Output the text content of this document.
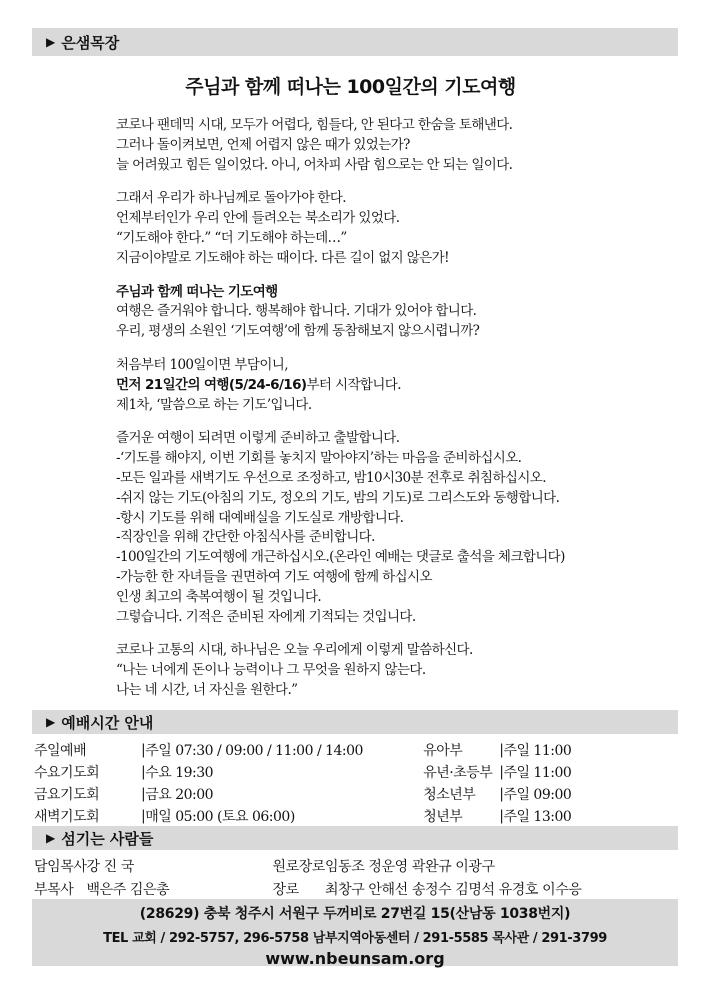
▶ 은샘목장
주님과 함께 떠나는 100일간의 기도여행

코로나 팬데믹 시대, 모두가 어렵다, 힘들다, 안 된다고 한숨을 토해낸다.
그러나 돌이켜보면, 언제 어렵지 않은 때가 있었는가?
늘 어려웠고 힘든 일이었다. 아니, 어차피 사람 힘으로는 안 되는 일이다.

그래서 우리가 하나님께로 돌아가야 한다.
언제부터인가 우리 안에 들려오는 북소리가 있었다.
“기도해야 한다.” “더 기도해야 하는데…”
지금이야말로 기도해야 하는 때이다. 다른 길이 없지 않은가!

주님과 함께 떠나는 기도여행
여행은 즐거워야 합니다. 행복해야 합니다. 기대가 있어야 합니다.
우리, 평생의 소원인 ‘기도여행’에 함께 동참해보지 않으시렵니까?

처음부터 100일이면 부담이니,
먼저 21일간의 여행(5/24-6/16)부터 시작합니다.
제1차, ‘말씀으로 하는 기도’입니다.

즐거운 여행이 되려면 이렇게 준비하고 출발합니다.
-‘기도를 해야지, 이번 기회를 놓치지 말아야지’하는 마음을 준비하십시오.
-모든 일과를 새벽기도 우선으로 조정하고, 밤10시30분 전후로 취침하십시오.
-쉬지 않는 기도(아침의 기도, 정오의 기도, 밤의 기도)로 그리스도와 동행합니다.
-항시 기도를 위해 대예배실을 기도실로 개방합니다.
-직장인을 위해 간단한 아침식사를 준비합니다.
-100일간의 기도여행에 개근하십시오.(온라인 예배는 댓글로 출석을 체크합니다)
-가능한 한 자녀들을 권면하여 기도 여행에 함께 하십시오
인생 최고의 축복여행이 될 것입니다.
그렇습니다. 기적은 준비된 자에게 기적되는 것입니다.

코로나 고통의 시대, 하나님은 오늘 우리에게 이렇게 말씀하신다.
“나는 너에게 돈이나 능력이나 그 무엇을 원하지 않는다.
나는 네 시간, 너 자신을 원한다.”

▶ 예배시간 안내
주일예배	|	주일 07:30 / 09:00 / 11:00 / 14:00		유아부	|	주일 11:00
수요기도회	|	수요 19:30		유년·초등부	|	주일 11:00
금요기도회	|	금요 20:00		청소년부	|	주일 09:00
새벽기도회	|	매일 05:00 (토요 06:00)		청년부	|	주일 13:00
▶ 섬기는 사람들
담임목사	강 진 국		원로장로	임동조 정운영 곽완규 이광구
부목사	백은주 김은총		장로	최창구 안해선 송정수 김명석 유경호 이수응
(28629) 충북 청주시 서원구 두꺼비로 27번길 15(산남동 1038번지)
TEL 교회 / 292-5757, 296-5758 남부지역아동센터 / 291-5585 목사관 / 291-3799
www.nbeunsam.org
